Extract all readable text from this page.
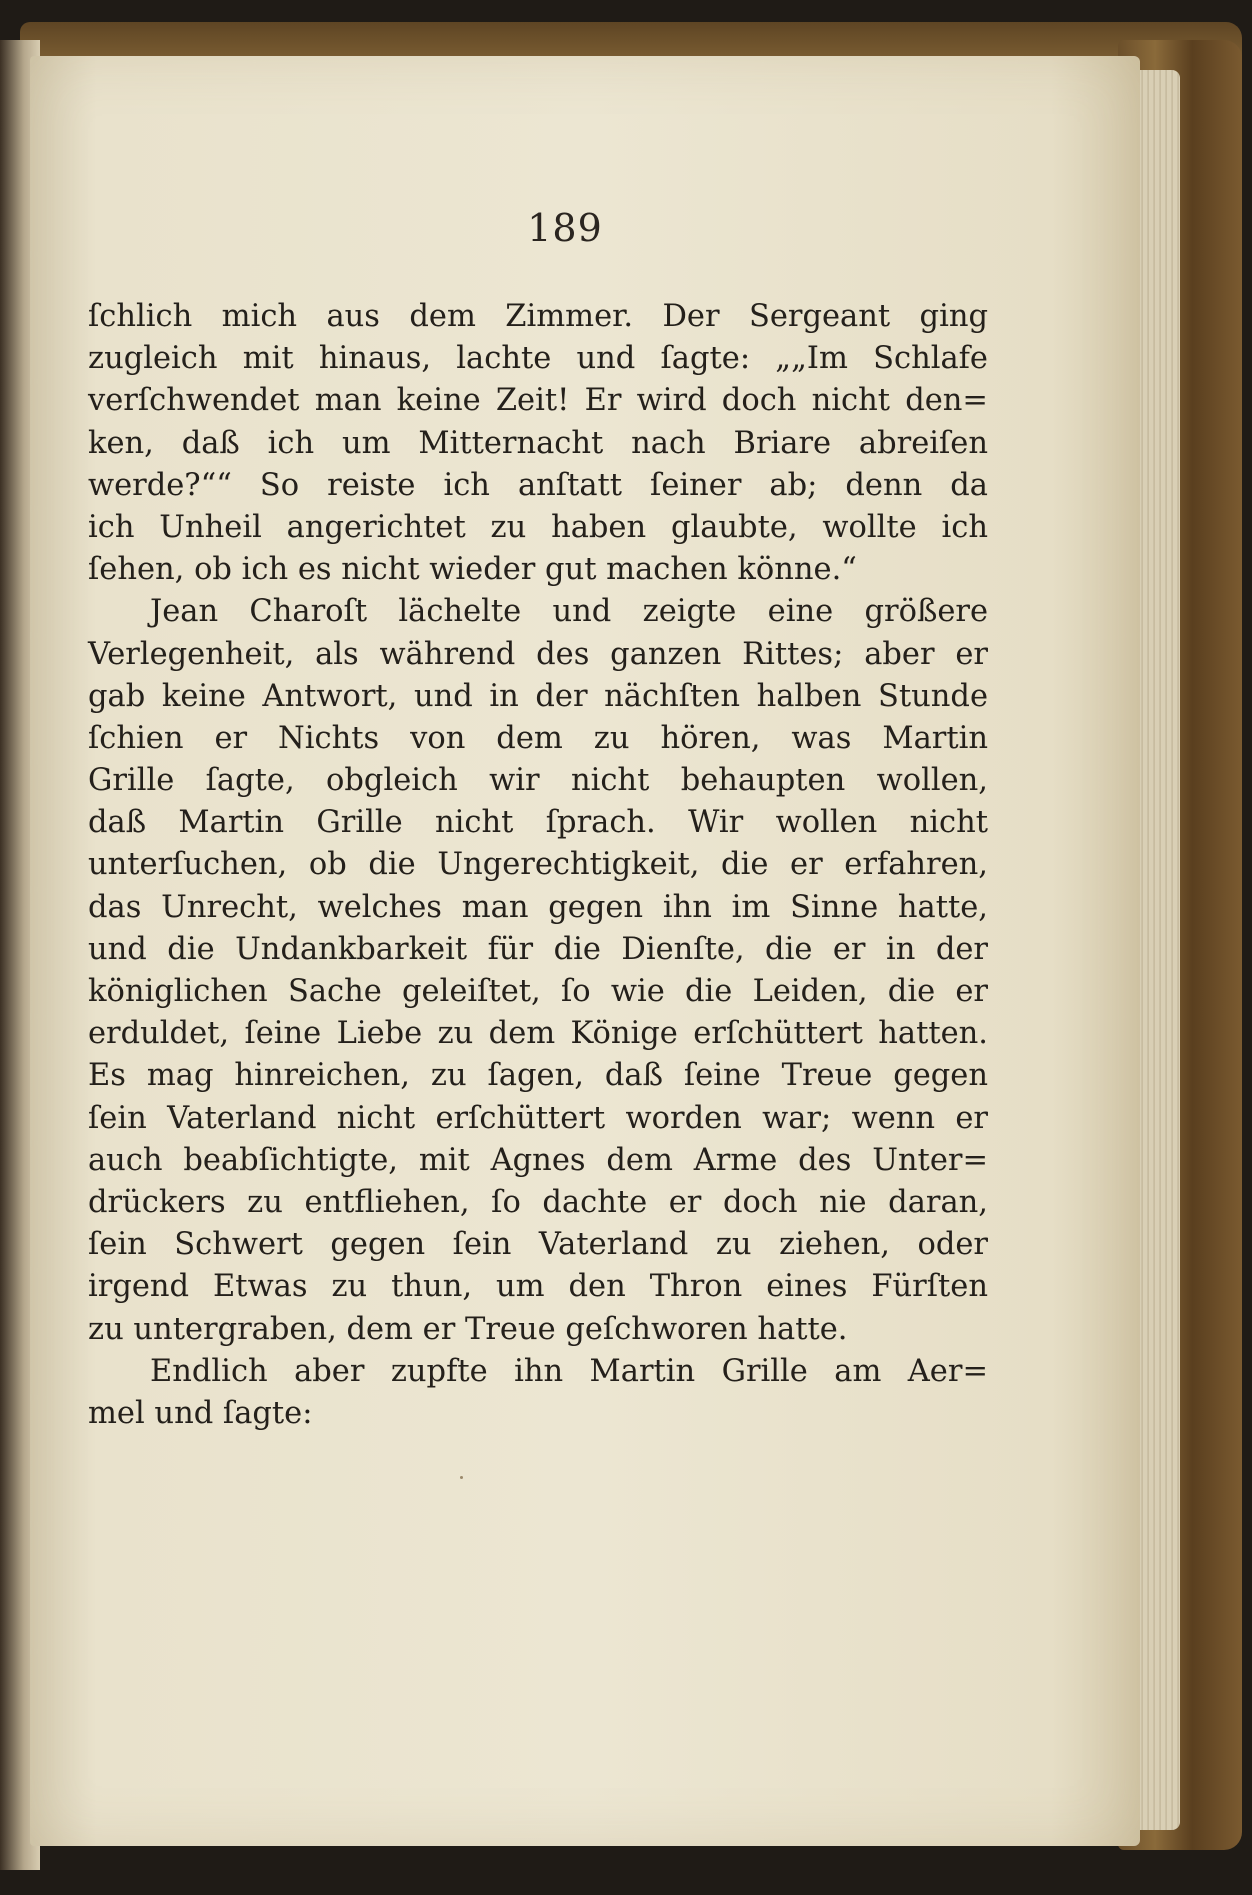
189
ſchlich mich aus dem Zimmer. Der Sergeant ging
zugleich mit hinaus, lachte und ſagte: „„Im Schlafe
verſchwendet man keine Zeit! Er wird doch nicht den=
ken, daß ich um Mitternacht nach Briare abreiſen
werde?““ So reiste ich anſtatt ſeiner ab; denn da
ich Unheil angerichtet zu haben glaubte, wollte ich
ſehen, ob ich es nicht wieder gut machen könne.“
Jean Charoſt lächelte und zeigte eine größere
Verlegenheit, als während des ganzen Rittes; aber er
gab keine Antwort, und in der nächſten halben Stunde
ſchien er Nichts von dem zu hören, was Martin
Grille ſagte, obgleich wir nicht behaupten wollen,
daß Martin Grille nicht ſprach. Wir wollen nicht
unterſuchen, ob die Ungerechtigkeit, die er erfahren,
das Unrecht, welches man gegen ihn im Sinne hatte,
und die Undankbarkeit für die Dienſte, die er in der
königlichen Sache geleiſtet, ſo wie die Leiden, die er
erduldet, ſeine Liebe zu dem Könige erſchüttert hatten.
Es mag hinreichen, zu ſagen, daß ſeine Treue gegen
ſein Vaterland nicht erſchüttert worden war; wenn er
auch beabſichtigte, mit Agnes dem Arme des Unter=
drückers zu entfliehen, ſo dachte er doch nie daran,
ſein Schwert gegen ſein Vaterland zu ziehen, oder
irgend Etwas zu thun, um den Thron eines Fürſten
zu untergraben, dem er Treue geſchworen hatte.
Endlich aber zupfte ihn Martin Grille am Aer=
mel und ſagte:
